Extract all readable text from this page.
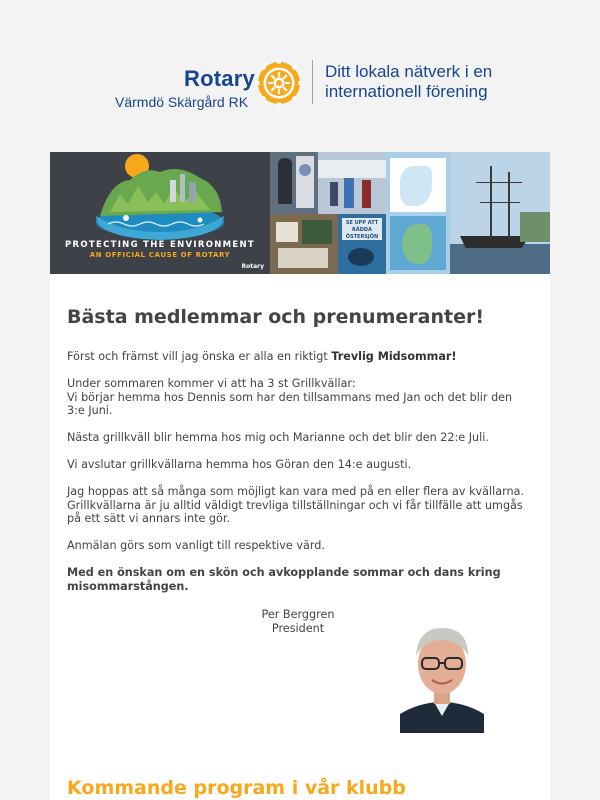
Rotary
Värmdö Skärgård RK
Ditt lokala nätverk i en
internationell förening
PROTECTING THE ENVIRONMENT
AN OFFICIAL CAUSE OF ROTARY
Rotary
SE UPP ATT RÄDDA ÖSTERSJÖN
Bästa medlemmar och prenumeranter!
Först och främst vill jag önska er alla en riktigt Trevlig Midsommar!
Under sommaren kommer vi att ha 3 st Grillkvällar:
Vi börjar hemma hos Dennis som har den tillsammans med Jan och det blir den 3:e Juni.
Nästa grillkväll blir hemma hos mig och Marianne och det blir den 22:e Juli.
Vi avslutar grillkvällarna hemma hos Göran den 14:e augusti.
Jag hoppas att så många som möjligt kan vara med på en eller flera av kvällarna. Grillkvällarna är ju alltid väldigt trevliga tillställningar och vi får tillfälle att umgås på ett sätt vi annars inte gör.
Anmälan görs som vanligt till respektive värd.
Med en önskan om en skön och avkopplande sommar och dans kring misommarstången.
Per Berggren
President
Kommande program i vår klubb
